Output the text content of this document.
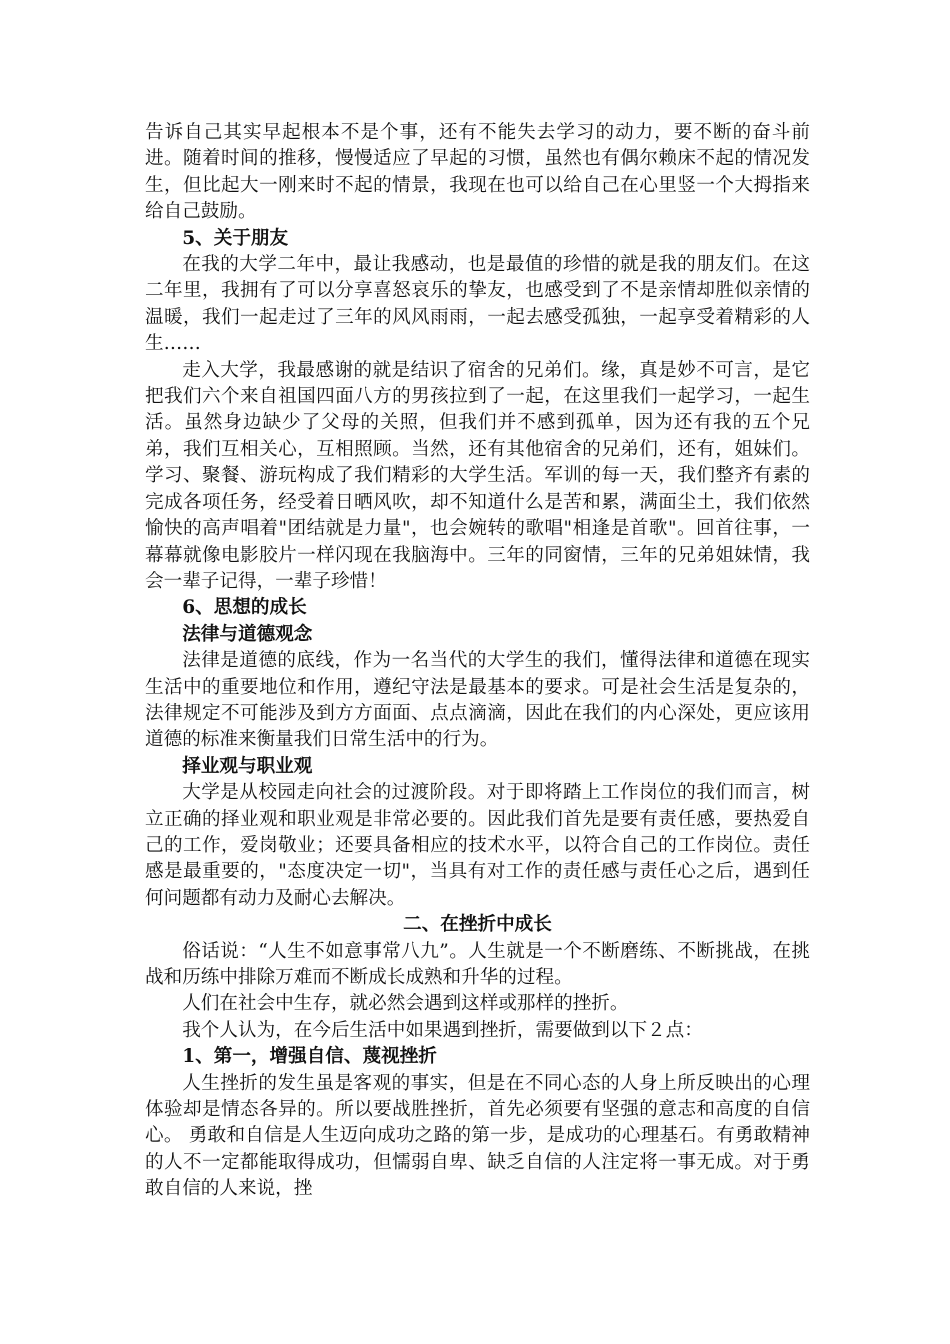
告诉自己其实早起根本不是个事，还有不能失去学习的动力，要不断的奋斗前进。随着时间的推移，慢慢适应了早起的习惯，虽然也有偶尔赖床不起的情况发生，但比起大一刚来时不起的情景，我现在也可以给自己在心里竖一个大拇指来给自己鼓励。

5、关于朋友

在我的大学二年中，最让我感动，也是最值的珍惜的就是我的朋友们。在这二年里，我拥有了可以分享喜怒哀乐的挚友，也感受到了不是亲情却胜似亲情的温暖，我们一起走过了三年的风风雨雨，一起去感受孤独，一起享受着精彩的人生……

走入大学，我最感谢的就是结识了宿舍的兄弟们。缘，真是妙不可言，是它把我们六个来自祖国四面八方的男孩拉到了一起，在这里我们一起学习，一起生活。虽然身边缺少了父母的关照，但我们并不感到孤单，因为还有我的五个兄弟，我们互相关心，互相照顾。当然，还有其他宿舍的兄弟们，还有，姐妹们。学习、聚餐、游玩构成了我们精彩的大学生活。军训的每一天，我们整齐有素的完成各项任务，经受着日晒风吹，却不知道什么是苦和累，满面尘土，我们依然愉快的高声唱着"团结就是力量"，也会婉转的歌唱"相逢是首歌"。回首往事，一幕幕就像电影胶片一样闪现在我脑海中。三年的同窗情，三年的兄弟姐妹情，我会一辈子记得，一辈子珍惜！

6、思想的成长

法律与道德观念

法律是道德的底线，作为一名当代的大学生的我们，懂得法律和道德在现实生活中的重要地位和作用，遵纪守法是最基本的要求。可是社会生活是复杂的，法律规定不可能涉及到方方面面、点点滴滴，因此在我们的内心深处，更应该用道德的标准来衡量我们日常生活中的行为。

择业观与职业观

大学是从校园走向社会的过渡阶段。对于即将踏上工作岗位的我们而言，树立正确的择业观和职业观是非常必要的。因此我们首先是要有责任感，要热爱自己的工作，爱岗敬业；还要具备相应的技术水平，以符合自己的工作岗位。责任感是最重要的，"态度决定一切"，当具有对工作的责任感与责任心之后，遇到任何问题都有动力及耐心去解决。

二、在挫折中成长

俗话说：“人生不如意事常八九”。人生就是一个不断磨练、不断挑战，在挑战和历练中排除万难而不断成长成熟和升华的过程。

人们在社会中生存，就必然会遇到这样或那样的挫折。

我个人认为，在今后生活中如果遇到挫折，需要做到以下２点：

1、第一，增强自信、蔑视挫折

人生挫折的发生虽是客观的事实，但是在不同心态的人身上所反映出的心理体验却是情态各异的。所以要战胜挫折，首先必须要有坚强的意志和高度的自信心。 勇敢和自信是人生迈向成功之路的第一步，是成功的心理基石。有勇敢精神的人不一定都能取得成功，但懦弱自卑、缺乏自信的人注定将一事无成。对于勇敢自信的人来说，挫
